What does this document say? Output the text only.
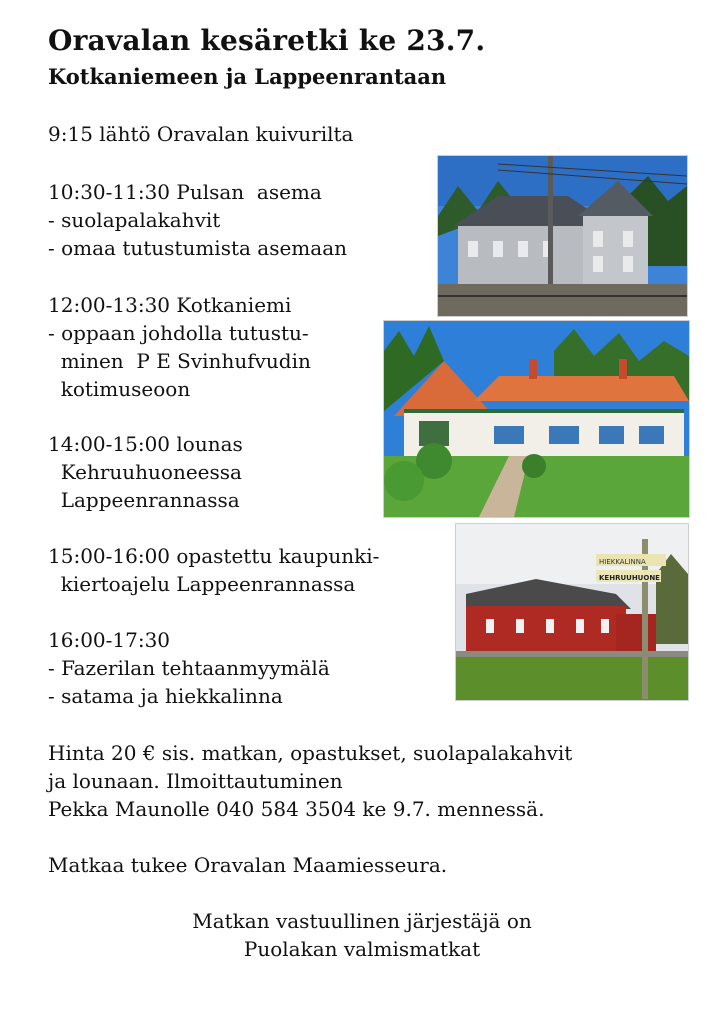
Oravalan kesäretki ke 23.7.
Kotkaniemeen ja Lappeenrantaan
9:15 lähtö Oravalan kuivurilta
10:30-11:30 Pulsan  asema
- suolapalakahvit
- omaa tutustumista asemaan
12:00-13:30 Kotkaniemi
- oppaan johdolla tutustu-
minen  P E Svinhufvudin
kotimuseoon
14:00-15:00 lounas
Kehruuhuoneessa
Lappeenrannassa
15:00-16:00 opastettu kaupunki-
kiertoajelu Lappeenrannassa
16:00-17:30
- Fazerilan tehtaanmyymälä
- satama ja hiekkalinna
Hinta 20 € sis. matkan, opastukset, suolapalakahvit
ja lounaan. Ilmoittautuminen
Pekka Maunolle 040 584 3504 ke 9.7. mennessä.
Matkaa tukee Oravalan Maamiesseura.
Matkan vastuullinen järjestäjä on
Puolakan valmismatkat
HIEKKALINNA
KEHRUUHUONE
